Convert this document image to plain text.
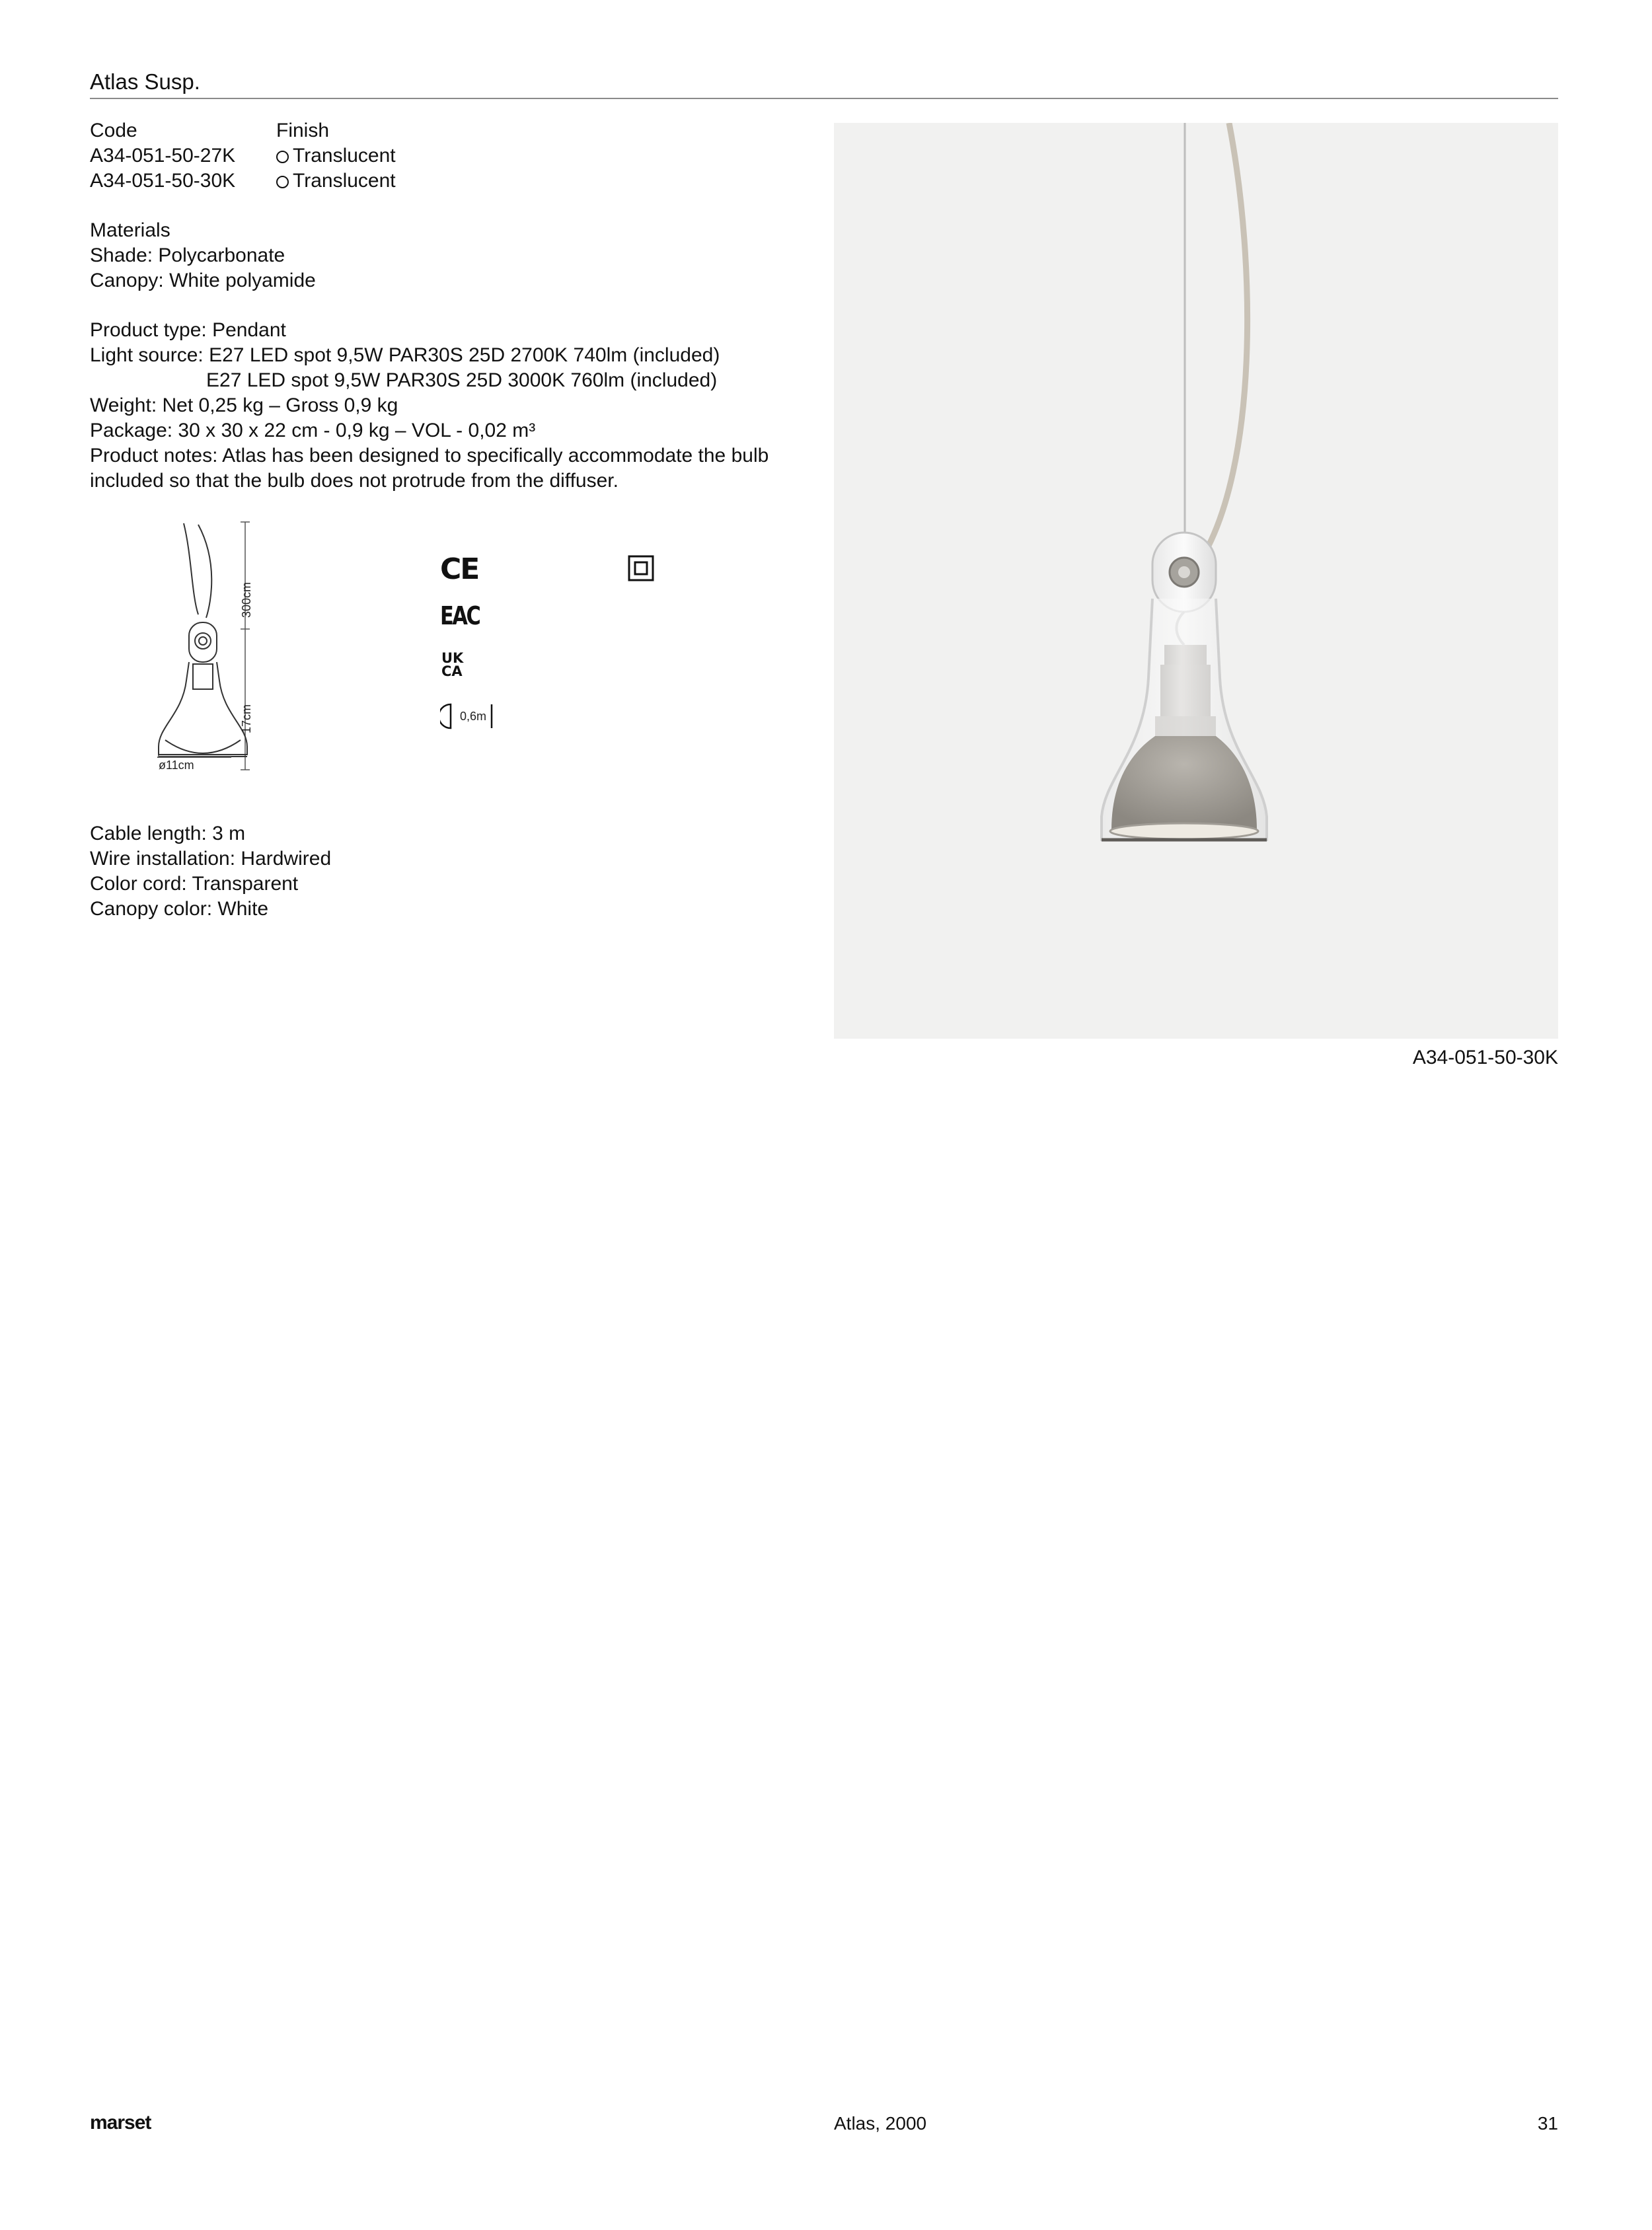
Atlas Susp.
Code	Finish
A34-051-50-27K	Translucent
A34-051-50-30K	Translucent
Materials
Shade: Polycarbonate
Canopy: White polyamide
Product type: Pendant
Light source: E27 LED spot 9,5W PAR30S 25D 2700K 740lm (included)
E27 LED spot 9,5W PAR30S 25D 3000K 760lm (included)
Weight: Net 0,25 kg – Gross 0,9 kg
Package: 30 x 30 x 22 cm - 0,9 kg – VOL - 0,02 m³
Product notes: Atlas has been designed to specifically accommodate the bulb
included so that the bulb does not protrude from the diffuser.
ø11cm
300cm
17cm
CE
EAC
UK
CA
0,6m
Cable length: 3 m
Wire installation: Hardwired
Color cord: Transparent
Canopy color: White
A34-051-50-30K
marset	Atlas, 2000	31
